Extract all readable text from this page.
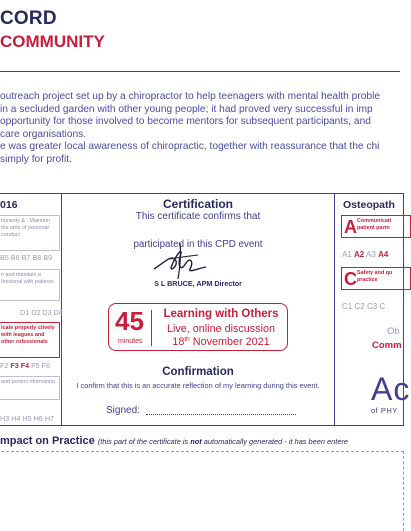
CORD
COMMUNITY
outreach project set up by a chiropractor to help teenagers with mental health proble
in a secluded garden with other young people; it had proved very successful in imp
opportunity for those involved to become mentors for subsequent participants, and
care organisations.
e was greater local awareness of chiropractic, together with reassurance that the chi
simply for profit.
016
honesty & . Maintain the ards of personal conduct
B5 B6 B7 B8 B9
n and maintain a fessional with patients
D1 D2 D3 D4
icate properly ctively with leagues and other rofessionals
F2 F3 F4 F5 F6
and protect nformation
H3 H4 H5 H6 H7
Certification
This certificate confirms that
participated in this CPD event
S L BRUCE, APM Director
45
minutes
Learning with Others
Live, online discussion
18th November 2021
Confirmation
I confirm that this is an accurate reflection of my learning during this event.
Signed:
Osteopath
A Communicati
patient partn
A1 A2 A3 A4
C Safety and qu
practice
C1 C2 C3 C
Ob
Comm
Ac
of PHY
mpact on Practice (this part of the certificate is not automatically generated - it has been entere
